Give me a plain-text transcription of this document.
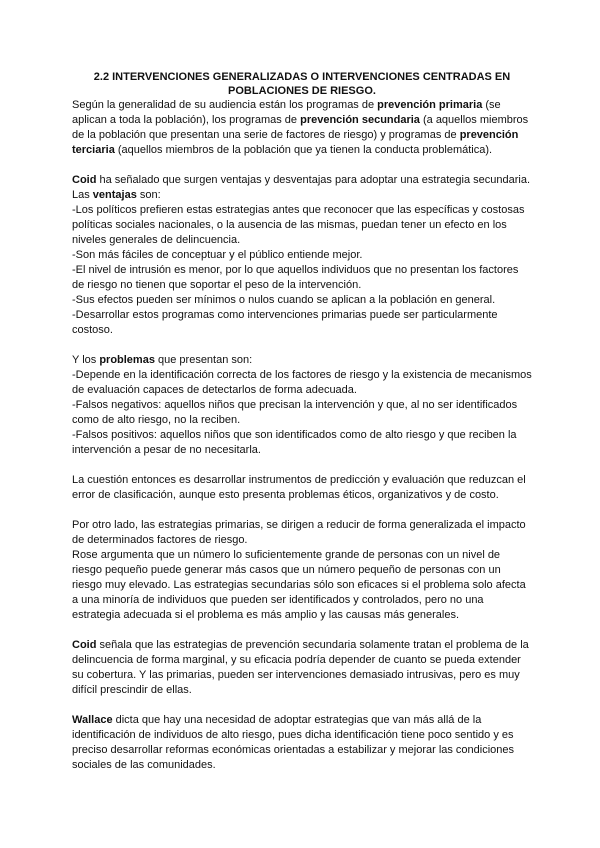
2.2 INTERVENCIONES GENERALIZADAS O INTERVENCIONES CENTRADAS EN POBLACIONES DE RIESGO.

Según la generalidad de su audiencia están los programas de prevención primaria (se aplican a toda la población), los programas de prevención secundaria (a aquellos miembros de la población que presentan una serie de factores de riesgo) y programas de prevención terciaria (aquellos miembros de la población que ya tienen la conducta problemática).

Coid ha señalado que surgen ventajas y desventajas para adoptar una estrategia secundaria. Las ventajas son:
-Los políticos prefieren estas estrategias antes que reconocer que las específicas y costosas políticas sociales nacionales, o la ausencia de las mismas, puedan tener un efecto en los niveles generales de delincuencia.
-Son más fáciles de conceptuar y el público entiende mejor.
-El nivel de intrusión es menor, por lo que aquellos individuos que no presentan los factores de riesgo no tienen que soportar el peso de la intervención.
-Sus efectos pueden ser mínimos o nulos cuando se aplican a la población en general.
-Desarrollar estos programas como intervenciones primarias puede ser particularmente costoso.

Y los problemas que presentan son:
-Depende en la identificación correcta de los factores de riesgo y la existencia de mecanismos de evaluación capaces de detectarlos de forma adecuada.
-Falsos negativos: aquellos niños que precisan la intervención y que, al no ser identificados como de alto riesgo, no la reciben.
-Falsos positivos: aquellos niños que son identificados como de alto riesgo y que reciben la intervención a pesar de no necesitarla.

La cuestión entonces es desarrollar instrumentos de predicción y evaluación que reduzcan el error de clasificación, aunque esto presenta problemas éticos, organizativos y de costo.

Por otro lado, las estrategias primarias, se dirigen a reducir de forma generalizada el impacto de determinados factores de riesgo.
Rose argumenta que un número lo suficientemente grande de personas con un nivel de riesgo pequeño puede generar más casos que un número pequeño de personas con un riesgo muy elevado. Las estrategias secundarias sólo son eficaces si el problema solo afecta a una minoría de individuos que pueden ser identificados y controlados, pero no una estrategia adecuada si el problema es más amplio y las causas más generales.

Coid señala que las estrategias de prevención secundaria solamente tratan el problema de la delincuencia de forma marginal, y su eficacia podría depender de cuanto se pueda extender su cobertura. Y las primarias, pueden ser intervenciones demasiado intrusivas, pero es muy difícil prescindir de ellas.

Wallace dicta que hay una necesidad de adoptar estrategias que van más allá de la identificación de individuos de alto riesgo, pues dicha identificación tiene poco sentido y es preciso desarrollar reformas económicas orientadas a estabilizar y mejorar las condiciones sociales de las comunidades.
